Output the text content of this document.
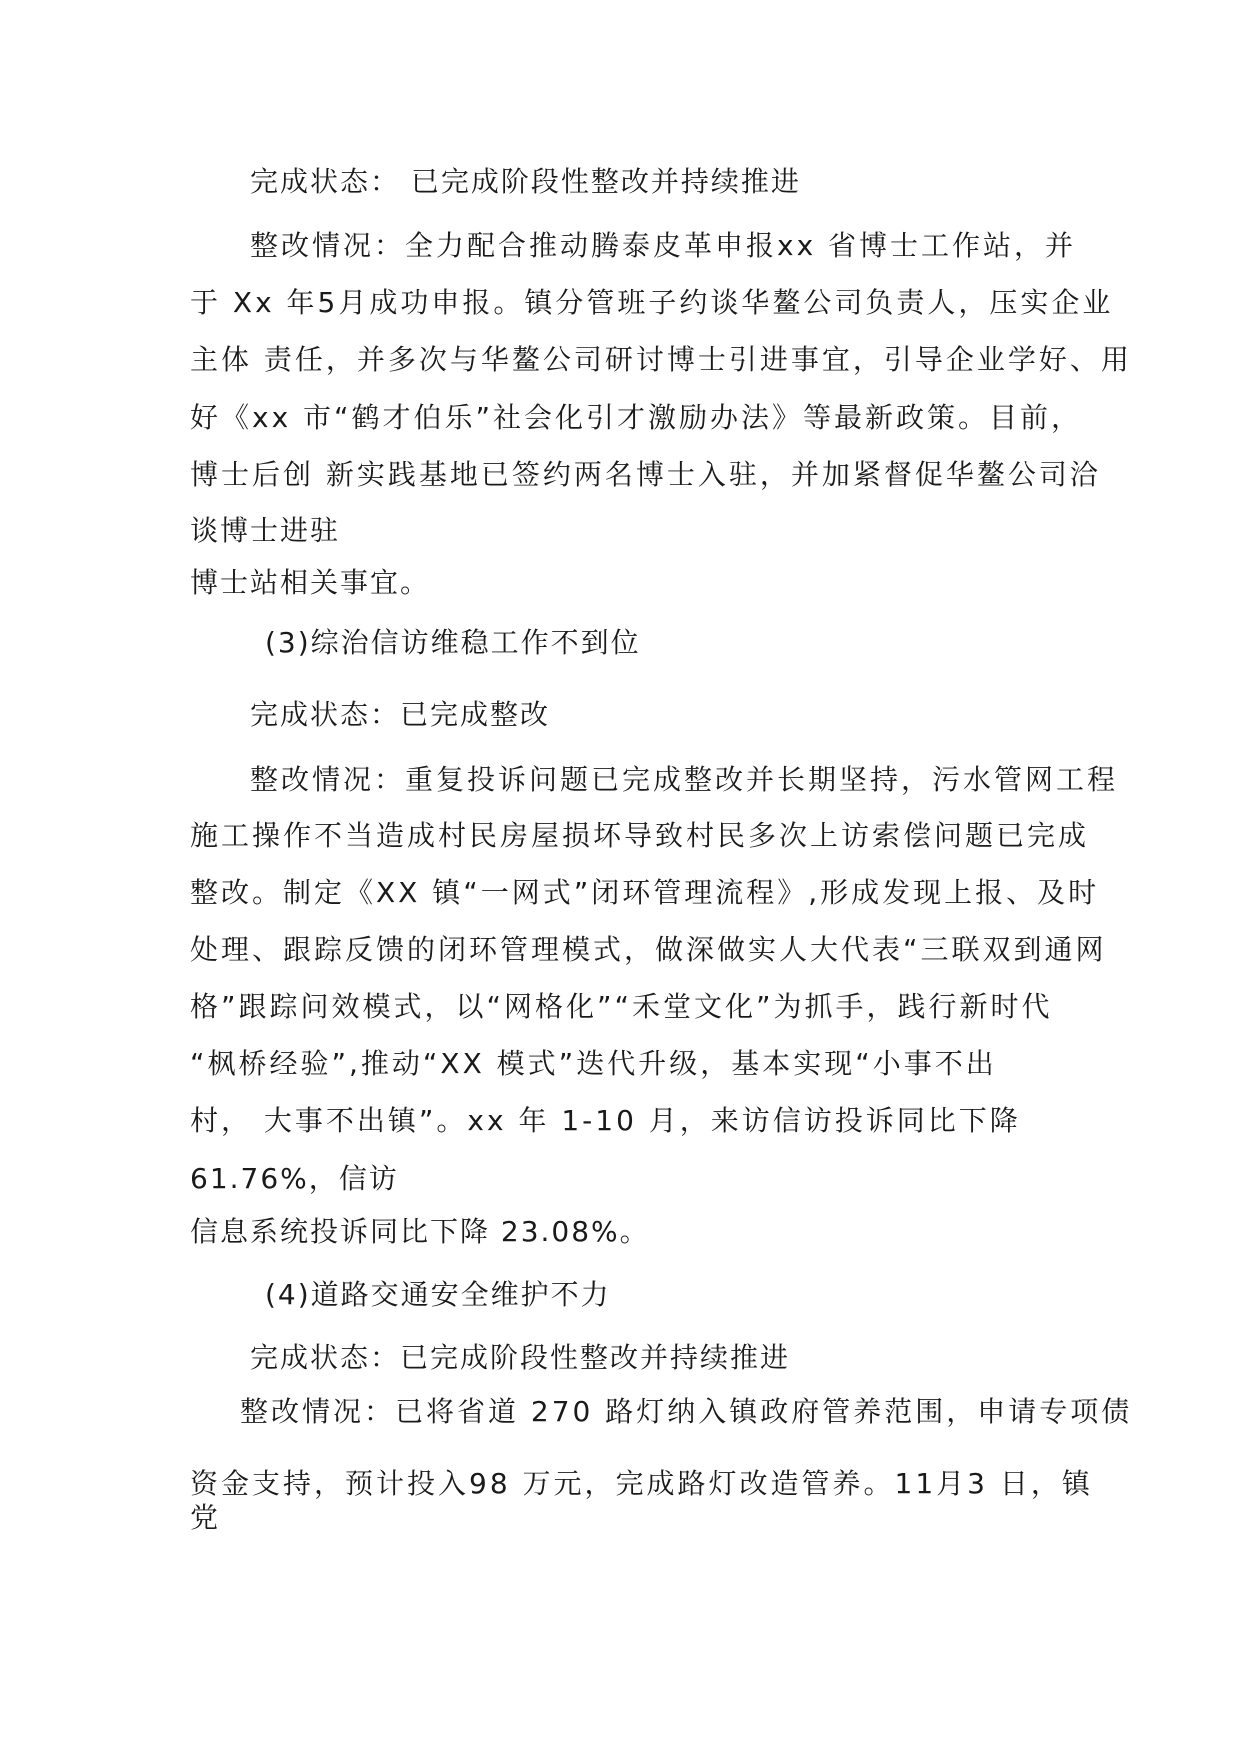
完成状态： 已完成阶段性整改并持续推进
整改情况：全力配合推动腾泰皮革申报xx 省博士工作站，并
于 Xx 年5月成功申报。镇分管班子约谈华鳌公司负责人，压实企业
主体 责任，并多次与华鳌公司研讨博士引进事宜，引导企业学好、用
好《xx 市“鹤才伯乐”社会化引才激励办法》等最新政策。目前，
博士后创 新实践基地已签约两名博士入驻，并加紧督促华鳌公司洽
谈博士进驻
博士站相关事宜。
(3)综治信访维稳工作不到位
完成状态：已完成整改
整改情况：重复投诉问题已完成整改并长期坚持，污水管网工程
施工操作不当造成村民房屋损坏导致村民多次上访索偿问题已完成
整改。制定《XX 镇“一网式”闭环管理流程》,形成发现上报、及时
处理、跟踪反馈的闭环管理模式，做深做实人大代表“三联双到通网
格”跟踪问效模式，以“网格化”“禾堂文化”为抓手，践行新时代
“枫桥经验”,推动“XX 模式”迭代升级，基本实现“小事不出
村， 大事不出镇”。xx 年 1-10 月，来访信访投诉同比下降
61.76%，信访
信息系统投诉同比下降 23.08%。
(4)道路交通安全维护不力
完成状态：已完成阶段性整改并持续推进
整改情况：已将省道 270 路灯纳入镇政府管养范围，申请专项债
资金支持，预计投入98 万元，完成路灯改造管养。11月3 日，镇
党
